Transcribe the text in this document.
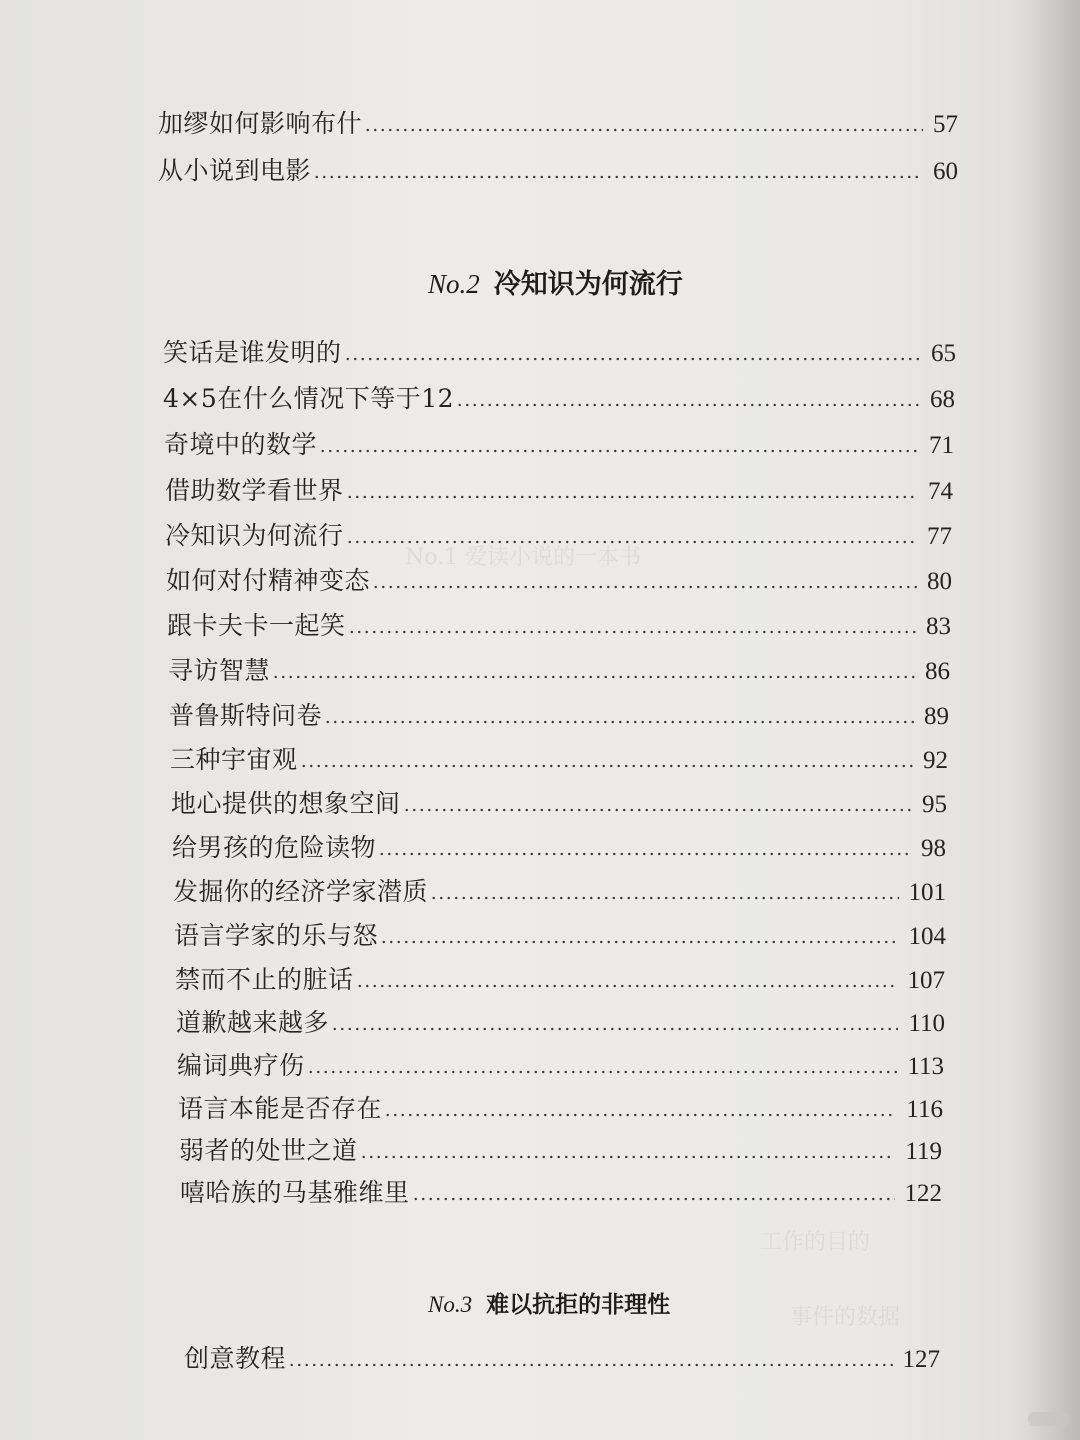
No.1 爱读小说的一本书
工作的目的
事件的数据
加缪如何影响布什	57
从小说到电影	60
No.2 冷知识为何流行
笑话是谁发明的	65
4×5在什么情况下等于12	68
奇境中的数学	71
借助数学看世界	74
冷知识为何流行	77
如何对付精神变态	80
跟卡夫卡一起笑	83
寻访智慧	86
普鲁斯特问卷	89
三种宇宙观	92
地心提供的想象空间	95
给男孩的危险读物	98
发掘你的经济学家潜质	101
语言学家的乐与怒	104
禁而不止的脏话	107
道歉越来越多	110
编词典疗伤	113
语言本能是否存在	116
弱者的处世之道	119
嘻哈族的马基雅维里	122
No.3 难以抗拒的非理性
创意教程	127
